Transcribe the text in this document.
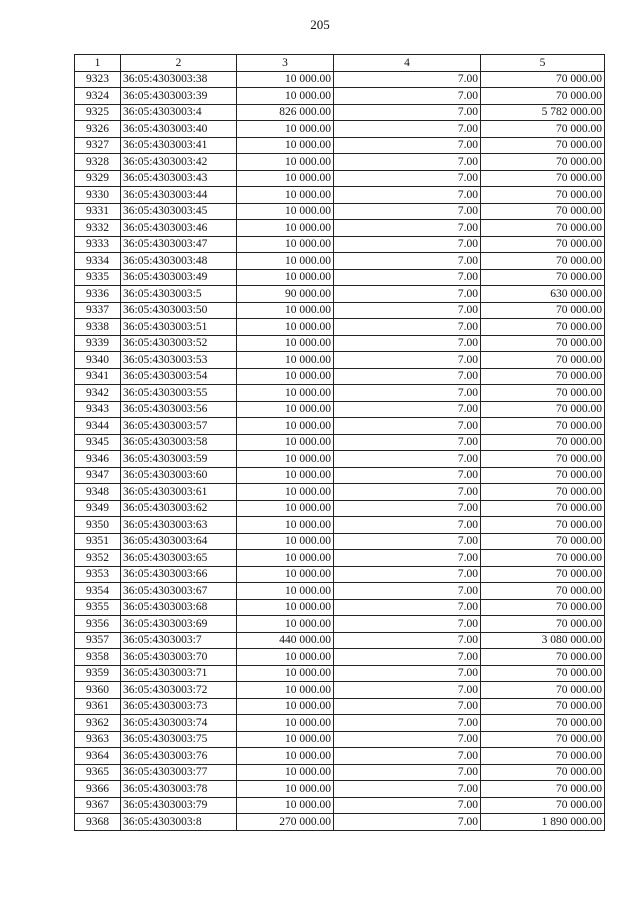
205
1	2	3	4	5
9323	36:05:4303003:38	10 000.00	7.00	70 000.00
9324	36:05:4303003:39	10 000.00	7.00	70 000.00
9325	36:05:4303003:4	826 000.00	7.00	5 782 000.00
9326	36:05:4303003:40	10 000.00	7.00	70 000.00
9327	36:05:4303003:41	10 000.00	7.00	70 000.00
9328	36:05:4303003:42	10 000.00	7.00	70 000.00
9329	36:05:4303003:43	10 000.00	7.00	70 000.00
9330	36:05:4303003:44	10 000.00	7.00	70 000.00
9331	36:05:4303003:45	10 000.00	7.00	70 000.00
9332	36:05:4303003:46	10 000.00	7.00	70 000.00
9333	36:05:4303003:47	10 000.00	7.00	70 000.00
9334	36:05:4303003:48	10 000.00	7.00	70 000.00
9335	36:05:4303003:49	10 000.00	7.00	70 000.00
9336	36:05:4303003:5	90 000.00	7.00	630 000.00
9337	36:05:4303003:50	10 000.00	7.00	70 000.00
9338	36:05:4303003:51	10 000.00	7.00	70 000.00
9339	36:05:4303003:52	10 000.00	7.00	70 000.00
9340	36:05:4303003:53	10 000.00	7.00	70 000.00
9341	36:05:4303003:54	10 000.00	7.00	70 000.00
9342	36:05:4303003:55	10 000.00	7.00	70 000.00
9343	36:05:4303003:56	10 000.00	7.00	70 000.00
9344	36:05:4303003:57	10 000.00	7.00	70 000.00
9345	36:05:4303003:58	10 000.00	7.00	70 000.00
9346	36:05:4303003:59	10 000.00	7.00	70 000.00
9347	36:05:4303003:60	10 000.00	7.00	70 000.00
9348	36:05:4303003:61	10 000.00	7.00	70 000.00
9349	36:05:4303003:62	10 000.00	7.00	70 000.00
9350	36:05:4303003:63	10 000.00	7.00	70 000.00
9351	36:05:4303003:64	10 000.00	7.00	70 000.00
9352	36:05:4303003:65	10 000.00	7.00	70 000.00
9353	36:05:4303003:66	10 000.00	7.00	70 000.00
9354	36:05:4303003:67	10 000.00	7.00	70 000.00
9355	36:05:4303003:68	10 000.00	7.00	70 000.00
9356	36:05:4303003:69	10 000.00	7.00	70 000.00
9357	36:05:4303003:7	440 000.00	7.00	3 080 000.00
9358	36:05:4303003:70	10 000.00	7.00	70 000.00
9359	36:05:4303003:71	10 000.00	7.00	70 000.00
9360	36:05:4303003:72	10 000.00	7.00	70 000.00
9361	36:05:4303003:73	10 000.00	7.00	70 000.00
9362	36:05:4303003:74	10 000.00	7.00	70 000.00
9363	36:05:4303003:75	10 000.00	7.00	70 000.00
9364	36:05:4303003:76	10 000.00	7.00	70 000.00
9365	36:05:4303003:77	10 000.00	7.00	70 000.00
9366	36:05:4303003:78	10 000.00	7.00	70 000.00
9367	36:05:4303003:79	10 000.00	7.00	70 000.00
9368	36:05:4303003:8	270 000.00	7.00	1 890 000.00
